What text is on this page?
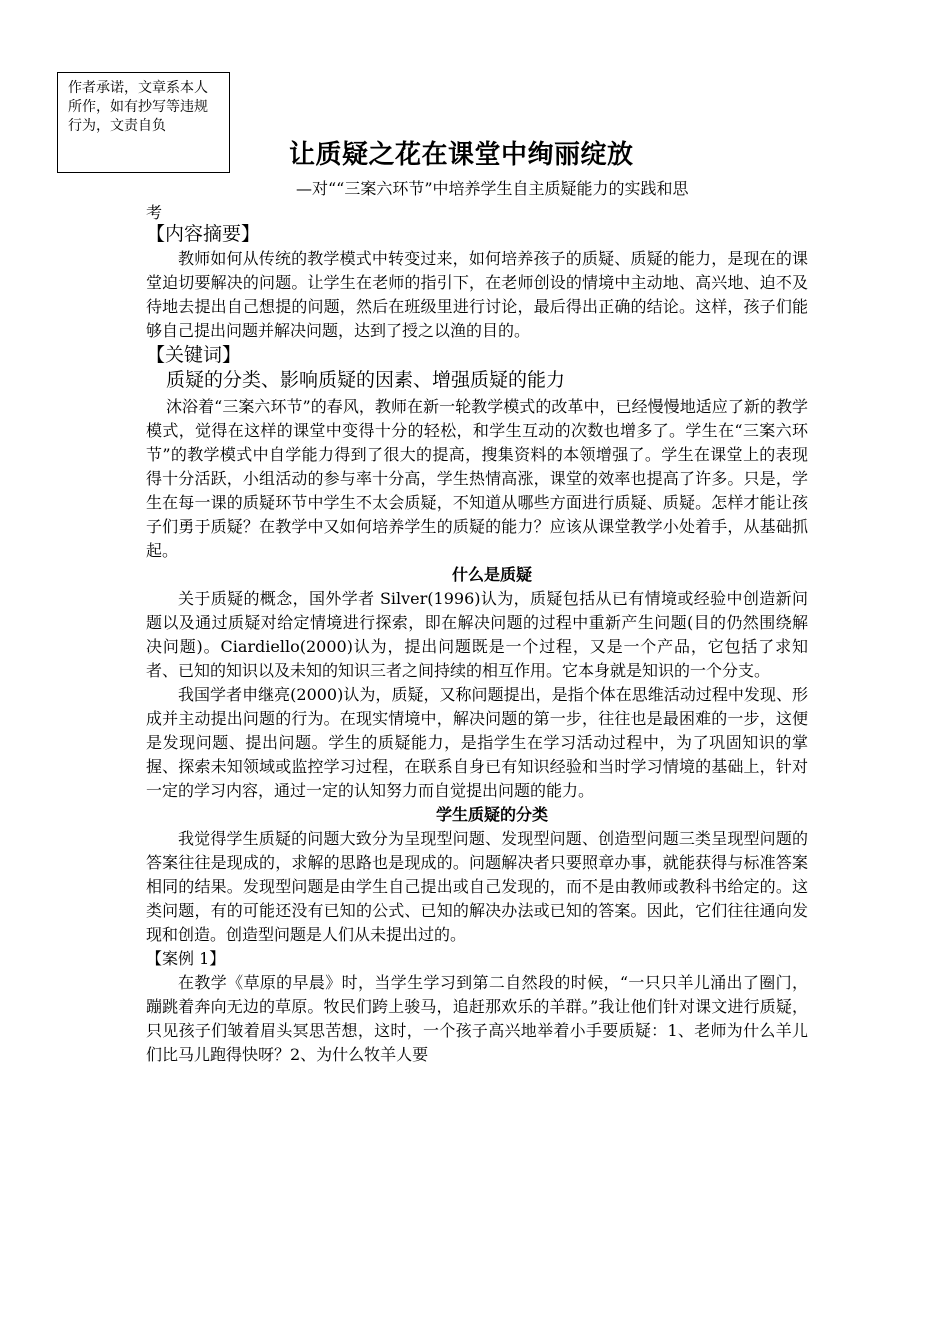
作者承诺，文章系本人所作，如有抄写等违规行为，文责自负
让质疑之花在课堂中绚丽绽放
—对““三案六环节”中培养学生自主质疑能力的实践和思
考
【内容摘要】

教师如何从传统的教学模式中转变过来，如何培养孩子的质疑、质疑的能力，是现在的课堂迫切要解决的问题。让学生在老师的指引下，在老师创设的情境中主动地、高兴地、迫不及待地去提出自己想提的问题，然后在班级里进行讨论，最后得出正确的结论。这样，孩子们能够自己提出问题并解决问题，达到了授之以渔的目的。

【关键词】

质疑的分类、影响质疑的因素、增强质疑的能力

沐浴着“三案六环节”的春风，教师在新一轮教学模式的改革中，已经慢慢地适应了新的教学模式，觉得在这样的课堂中变得十分的轻松，和学生互动的次数也增多了。学生在“三案六环节”的教学模式中自学能力得到了很大的提高，搜集资料的本领增强了。学生在课堂上的表现得十分活跃，小组活动的参与率十分高，学生热情高涨，课堂的效率也提高了许多。只是，学生在每一课的质疑环节中学生不太会质疑，不知道从哪些方面进行质疑、质疑。怎样才能让孩子们勇于质疑？在教学中又如何培养学生的质疑的能力？应该从课堂教学小处着手，从基础抓起。

什么是质疑

关于质疑的概念，国外学者 Silver(1996)认为，质疑包括从已有情境或经验中创造新问题以及通过质疑对给定情境进行探索，即在解决问题的过程中重新产生问题(目的仍然围绕解决问题)。Ciardiello(2000)认为，提出问题既是一个过程，又是一个产品，它包括了求知者、已知的知识以及未知的知识三者之间持续的相互作用。它本身就是知识的一个分支。

我国学者申继亮(2000)认为，质疑，又称问题提出，是指个体在思维活动过程中发现、形成并主动提出问题的行为。在现实情境中，解决问题的第一步，往往也是最困难的一步，这便是发现问题、提出问题。学生的质疑能力，是指学生在学习活动过程中，为了巩固知识的掌握、探索未知领域或监控学习过程，在联系自身已有知识经验和当时学习情境的基础上，针对一定的学习内容，通过一定的认知努力而自觉提出问题的能力。

学生质疑的分类

我觉得学生质疑的问题大致分为呈现型问题、发现型问题、创造型问题三类呈现型问题的答案往往是现成的，求解的思路也是现成的。问题解决者只要照章办事，就能获得与标准答案相同的结果。发现型问题是由学生自己提出或自己发现的，而不是由教师或教科书给定的。这类问题，有的可能还没有已知的公式、已知的解决办法或已知的答案。因此，它们往往通向发现和创造。创造型问题是人们从未提出过的。

【案例 1】

在教学《草原的早晨》时，当学生学习到第二自然段的时候，“一只只羊儿涌出了圈门，蹦跳着奔向无边的草原。牧民们跨上骏马，追赶那欢乐的羊群。”我让他们针对课文进行质疑，只见孩子们皱着眉头冥思苦想，这时，一个孩子高兴地举着小手要质疑：1、老师为什么羊儿们比马儿跑得快呀？2、为什么牧羊人要
